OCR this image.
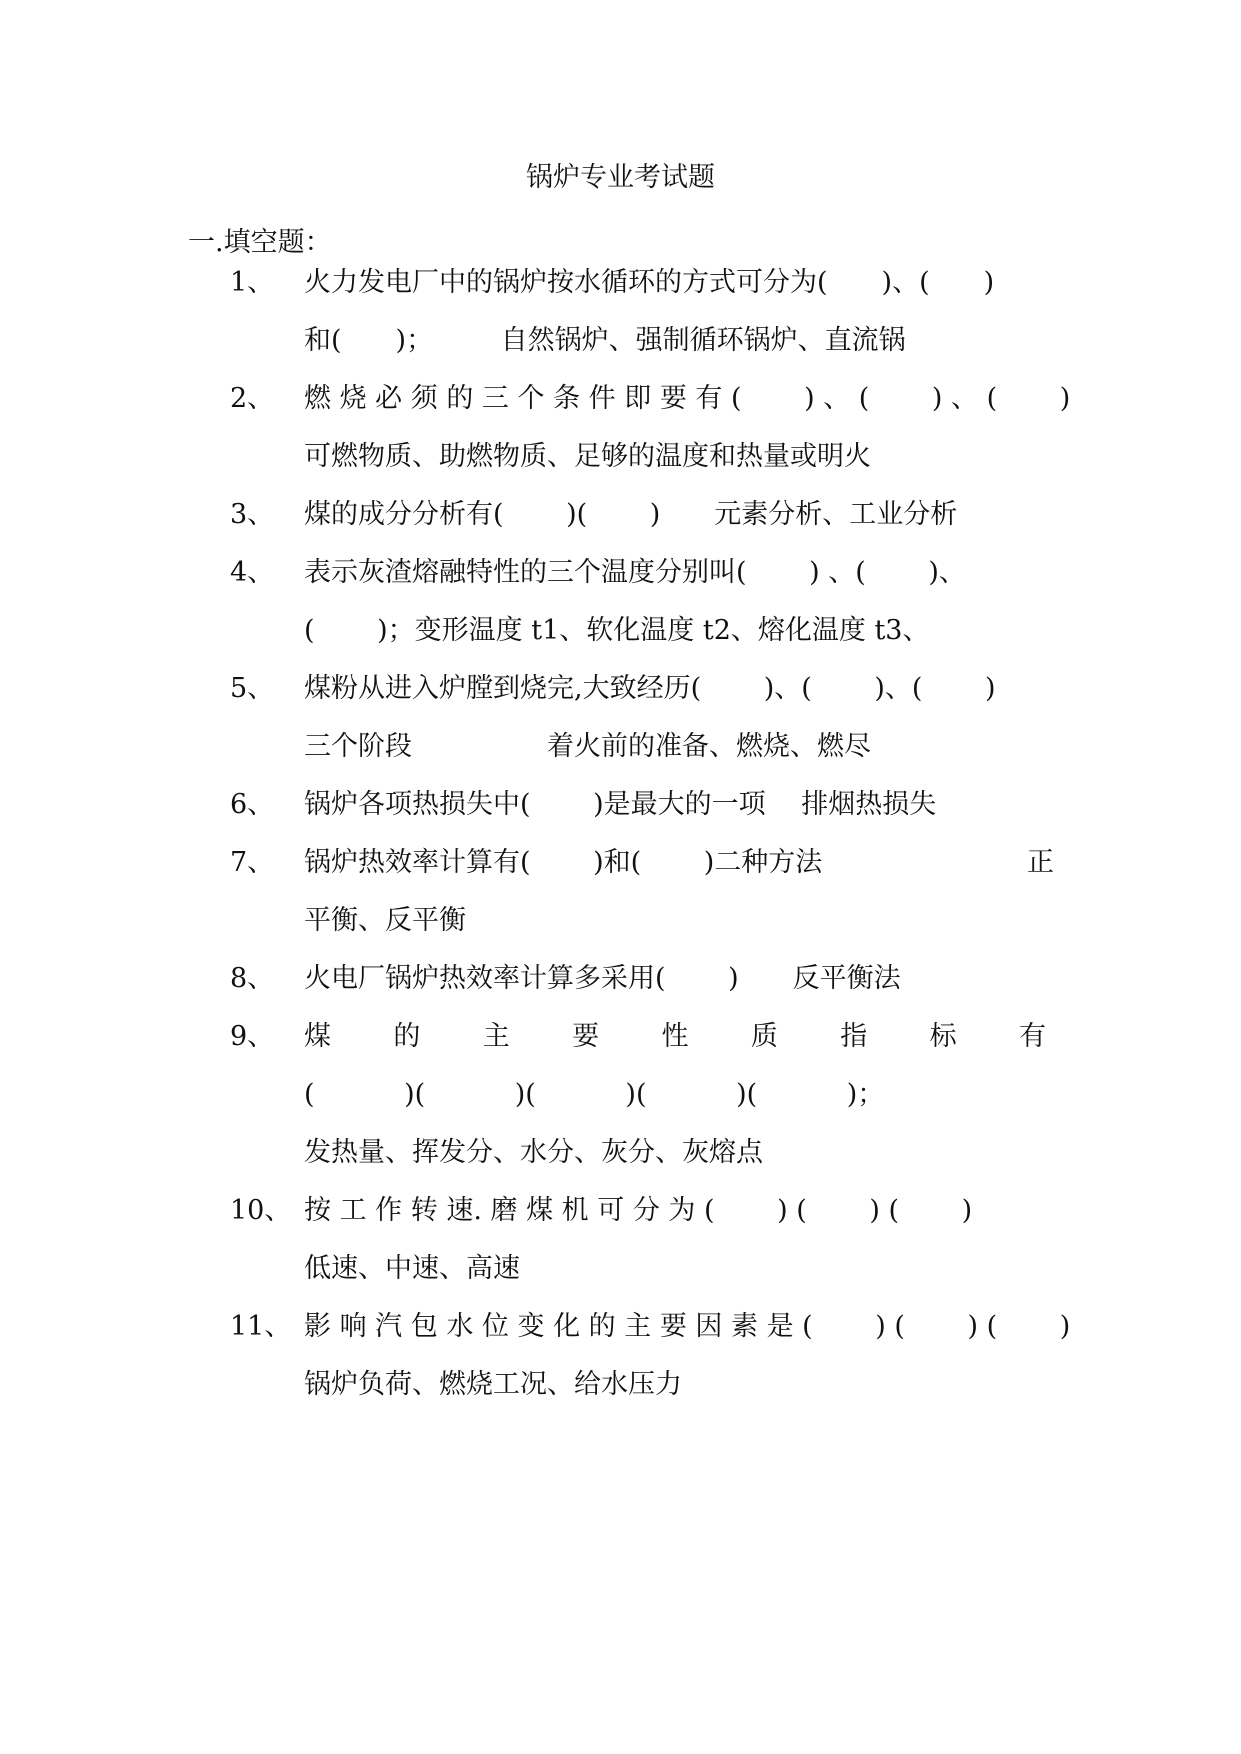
锅炉专业考试题
一.填空题：
1、	火力发电厂中的锅炉按水循环的方式可分为(　　)、(　　)
和(　　)；　　　自然锅炉、强制循环锅炉、直流锅
2、	燃 烧 必 须 的 三 个 条 件 即 要 有 (　　 ) 、 (　　 ) 、 (　　 )
可燃物质、助燃物质、足够的温度和热量或明火
3、	煤的成分分析有(　　 )(　　 )　　元素分析、工业分析
4、	表示灰渣熔融特性的三个温度分别叫(　　 ) 、(　　 )、
(　　 )；变形温度 t1、软化温度 t2、熔化温度 t3、
5、	煤粉从进入炉膛到烧完,大致经历(　　 )、(　　 )、(　　 )
三个阶段　　　　　着火前的准备、燃烧、燃尽
6、	锅炉各项热损失中(　　 )是最大的一项　 排烟热损失
7、	锅炉热效率计算有(　　 )和(　　 )二种方法	正
平衡、反平衡
8、	火电厂锅炉热效率计算多采用(　　 )　　反平衡法
9、	煤 的 主 要 性 质 指 标 有
(　　　 )(　　　 )(　　　 )(　　　 )(　　　 )；
发热量、挥发分、水分、灰分、灰熔点
10、 按 工 作 转 速. 磨 煤 机 可 分 为 (　　 ) (　　 ) (　　 )
低速、中速、高速
11、 影 响 汽 包 水 位 变 化 的 主 要 因 素 是 (　　 ) (　　 ) (　　 )
锅炉负荷、燃烧工况、给水压力
